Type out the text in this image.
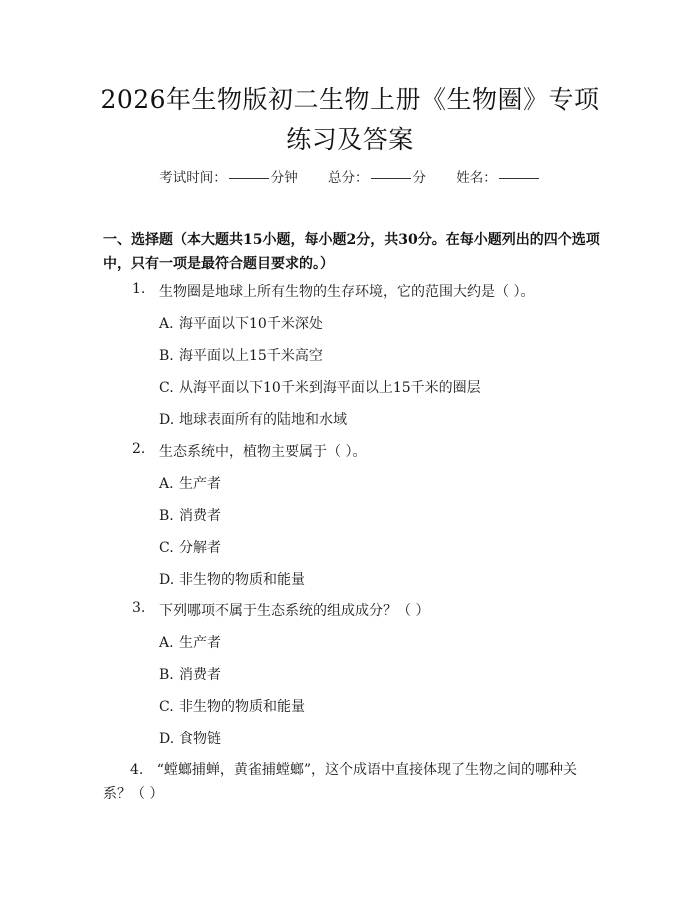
2026年生物版初二生物上册《生物圈》专项
练习及答案
考试时间：	分钟 总分：	分 姓名：
一、选择题（本大题共15小题，每小题2分，共30分。在每小题列出的四个选项中，只有一项是最符合题目要求的。）
1. 生物圈是地球上所有生物的生存环境，它的范围大约是（ ）。
A. 海平面以下10千米深处
B. 海平面以上15千米高空
C. 从海平面以下10千米到海平面以上15千米的圈层
D. 地球表面所有的陆地和水域
2. 生态系统中，植物主要属于（ ）。
A. 生产者
B. 消费者
C. 分解者
D. 非生物的物质和能量
3. 下列哪项不属于生态系统的组成成分？（ ）
A. 生产者
B. 消费者
C. 非生物的物质和能量
D. 食物链
4. “螳螂捕蝉，黄雀捕螳螂”，这个成语中直接体现了生物之间的哪种关系？（ ）
